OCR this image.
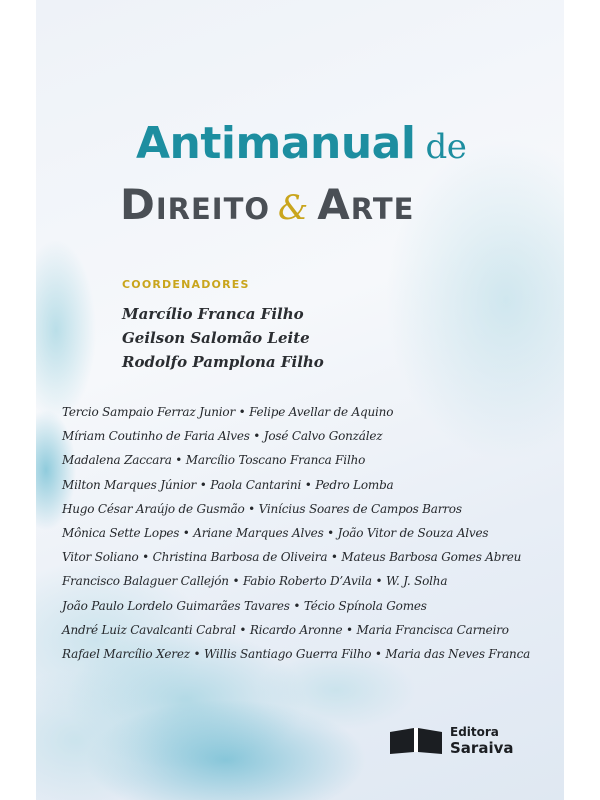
Antimanual de
Direito & Arte
COORDENADORES
Marcílio Franca Filho
Geilson Salomão Leite
Rodolfo Pamplona Filho
Tercio Sampaio Ferraz Junior • Felipe Avellar de Aquino
Míriam Coutinho de Faria Alves • José Calvo González
Madalena Zaccara • Marcílio Toscano Franca Filho
Milton Marques Júnior • Paola Cantarini • Pedro Lomba
Hugo César Araújo de Gusmão • Vinícius Soares de Campos Barros
Mônica Sette Lopes • Ariane Marques Alves • João Vitor de Souza Alves
Vitor Soliano • Christina Barbosa de Oliveira • Mateus Barbosa Gomes Abreu
Francisco Balaguer Callejón • Fabio Roberto D’Avila • W. J. Solha
João Paulo Lordelo Guimarães Tavares • Técio Spínola Gomes
André Luiz Cavalcanti Cabral • Ricardo Aronne • Maria Francisca Carneiro
Rafael Marcílio Xerez • Willis Santiago Guerra Filho • Maria das Neves Franca
Editora
Saraiva
